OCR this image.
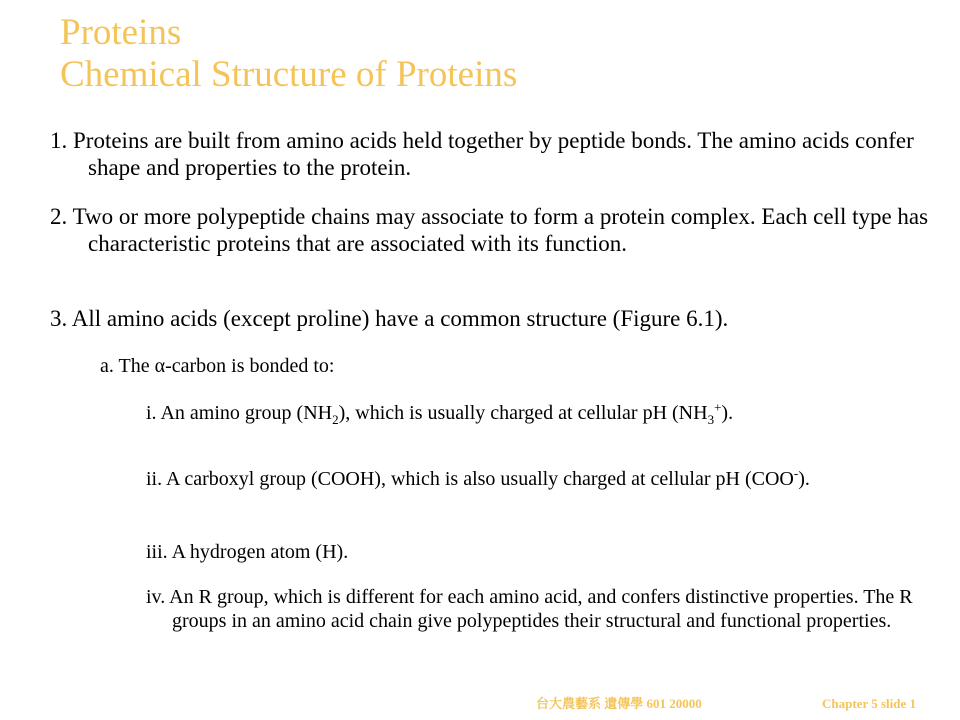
Proteins
Chemical Structure of Proteins

1. Proteins are built from amino acids held together by peptide bonds. The amino acids confer shape and properties to the protein.

2. Two or more polypeptide chains may associate to form a protein complex. Each cell type has characteristic proteins that are associated with its function.

3. All amino acids (except proline) have a common structure (Figure 6.1).

a. The α-carbon is bonded to:

i. An amino group $(NH_2)$, which is usually charged at cellular pH $(NH_3^+)$.

ii. A carboxyl group (COOH), which is also usually charged at cellular pH (COO-).

iii. A hydrogen atom (H).

iv. An R group, which is different for each amino acid, and confers distinctive properties. The R groups in an amino acid chain give polypeptides their structural and functional properties.

台大農藝系 遺傳學 601 20000	Chapter 5 slide 1
